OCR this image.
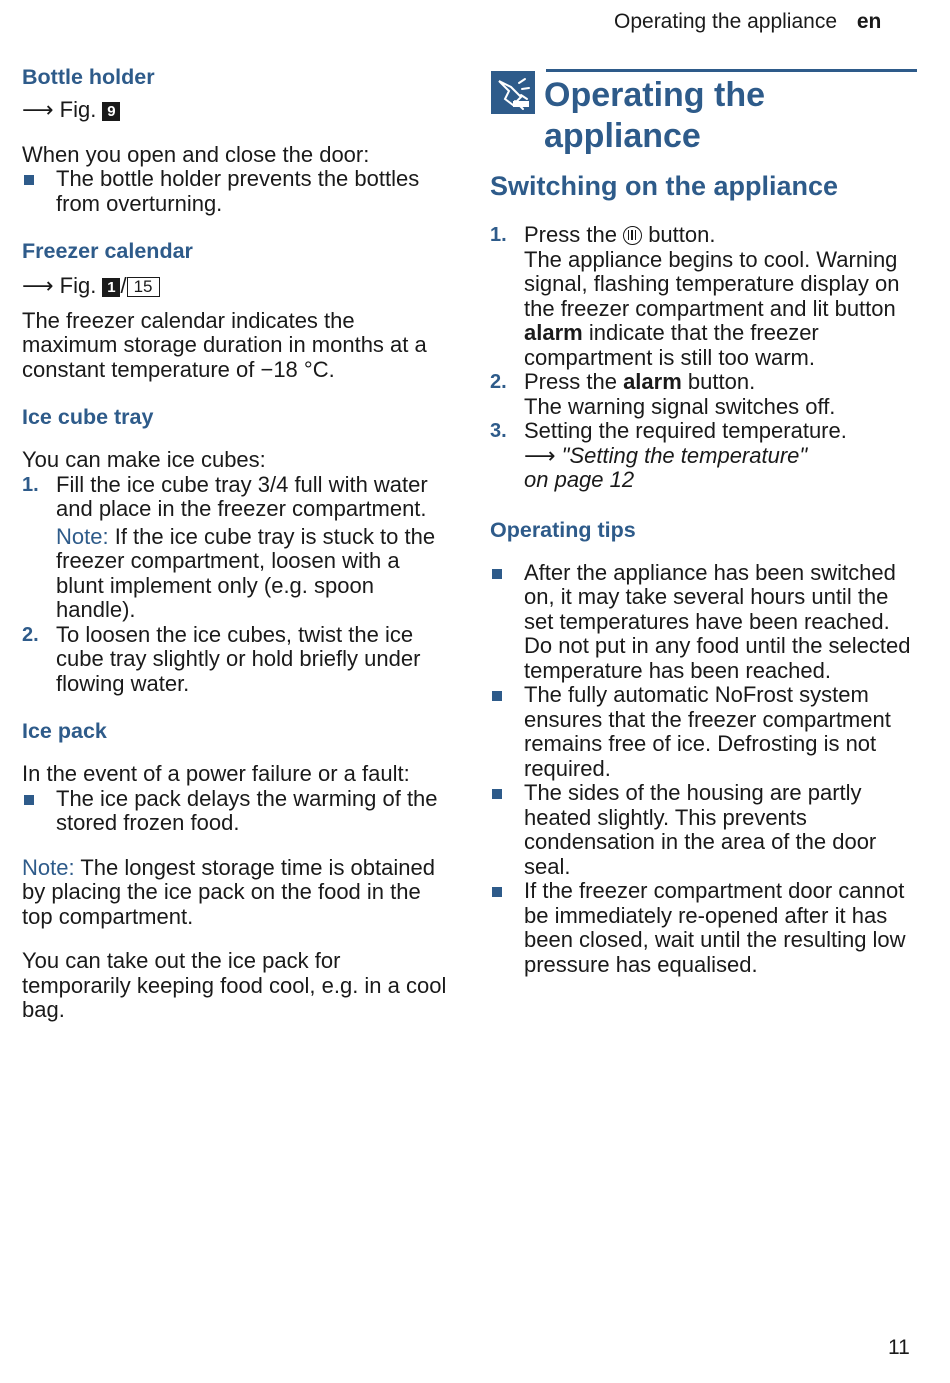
Operating the appliance en
Bottle holder
⟶ Fig. 9

When you open and close the door:

The bottle holder prevents the bottles from overturning.
Freezer calendar
⟶ Fig. 1 / 15

The freezer calendar indicates the maximum storage duration in months at a constant temperature of −18 °C.

Ice cube tray

You can make ice cubes:

1. Fill the ice cube tray 3/4 full with water and place in the freezer compartment.

Note: If the ice cube tray is stuck to the freezer compartment, loosen with a blunt implement only (e.g. spoon handle).

2. To loosen the ice cubes, twist the ice cube tray slightly or hold briefly under flowing water.
Ice pack

In the event of a power failure or a fault:

The ice pack delays the warming of the stored frozen food.

Note: The longest storage time is obtained by placing the ice pack on the food in the top compartment.

You can take out the ice pack for temporarily keeping food cool, e.g. in a cool bag.

Operating the
appliance
Switching on the appliance
1. Press the button.
The appliance begins to cool. Warning signal, flashing temperature display on the freezer compartment and lit button alarm indicate that the freezer compartment is still too warm.
2. Press the alarm button.
The warning signal switches off.
3. Setting the required temperature.
⟶ "Setting the temperature"
on page 12
Operating tips
After the appliance has been switched on, it may take several hours until the set temperatures have been reached. Do not put in any food until the selected temperature has been reached.
The fully automatic NoFrost system ensures that the freezer compartment remains free of ice. Defrosting is not required.
The sides of the housing are partly heated slightly. This prevents condensation in the area of the door seal.
If the freezer compartment door cannot be immediately re-opened after it has been closed, wait until the resulting low pressure has equalised.
11
